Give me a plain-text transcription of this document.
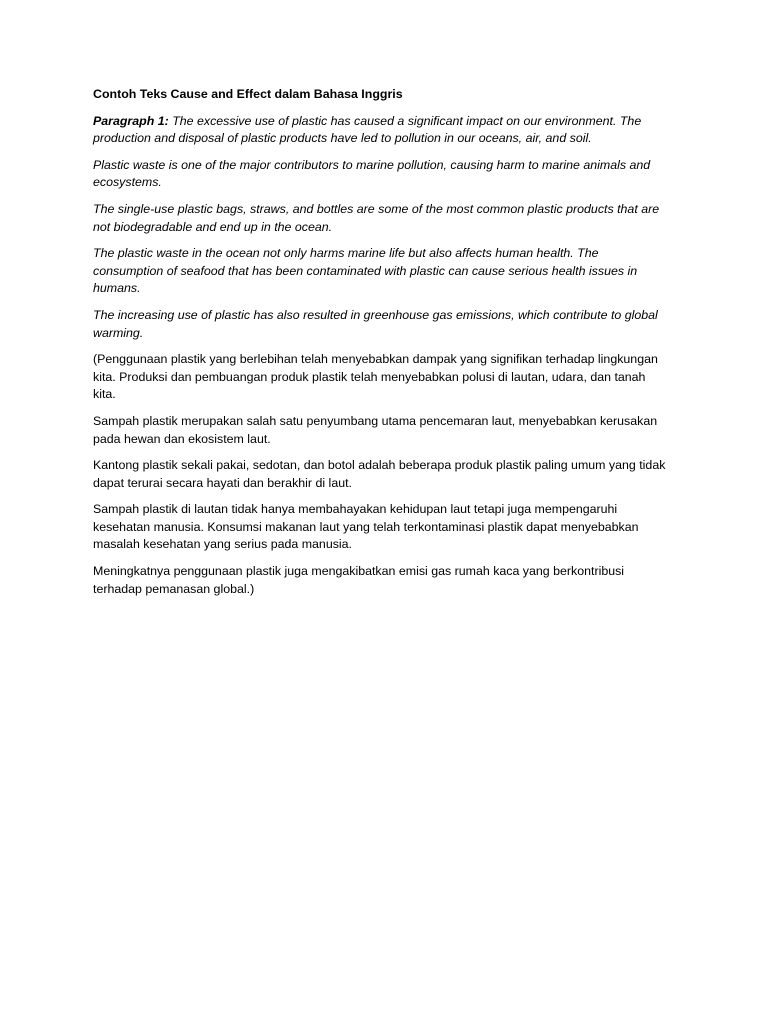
Contoh Teks Cause and Effect dalam Bahasa Inggris

Paragraph 1: The excessive use of plastic has caused a significant impact on our environment. The production and disposal of plastic products have led to pollution in our oceans, air, and soil.

Plastic waste is one of the major contributors to marine pollution, causing harm to marine animals and ecosystems.

The single-use plastic bags, straws, and bottles are some of the most common plastic products that are not biodegradable and end up in the ocean.

The plastic waste in the ocean not only harms marine life but also affects human health. The consumption of seafood that has been contaminated with plastic can cause serious health issues in humans.

The increasing use of plastic has also resulted in greenhouse gas emissions, which contribute to global warming.

(Penggunaan plastik yang berlebihan telah menyebabkan dampak yang signifikan terhadap lingkungan kita. Produksi dan pembuangan produk plastik telah menyebabkan polusi di lautan, udara, dan tanah kita.

Sampah plastik merupakan salah satu penyumbang utama pencemaran laut, menyebabkan kerusakan pada hewan dan ekosistem laut.

Kantong plastik sekali pakai, sedotan, dan botol adalah beberapa produk plastik paling umum yang tidak dapat terurai secara hayati dan berakhir di laut.

Sampah plastik di lautan tidak hanya membahayakan kehidupan laut tetapi juga mempengaruhi kesehatan manusia. Konsumsi makanan laut yang telah terkontaminasi plastik dapat menyebabkan masalah kesehatan yang serius pada manusia.

Meningkatnya penggunaan plastik juga mengakibatkan emisi gas rumah kaca yang berkontribusi terhadap pemanasan global.)
